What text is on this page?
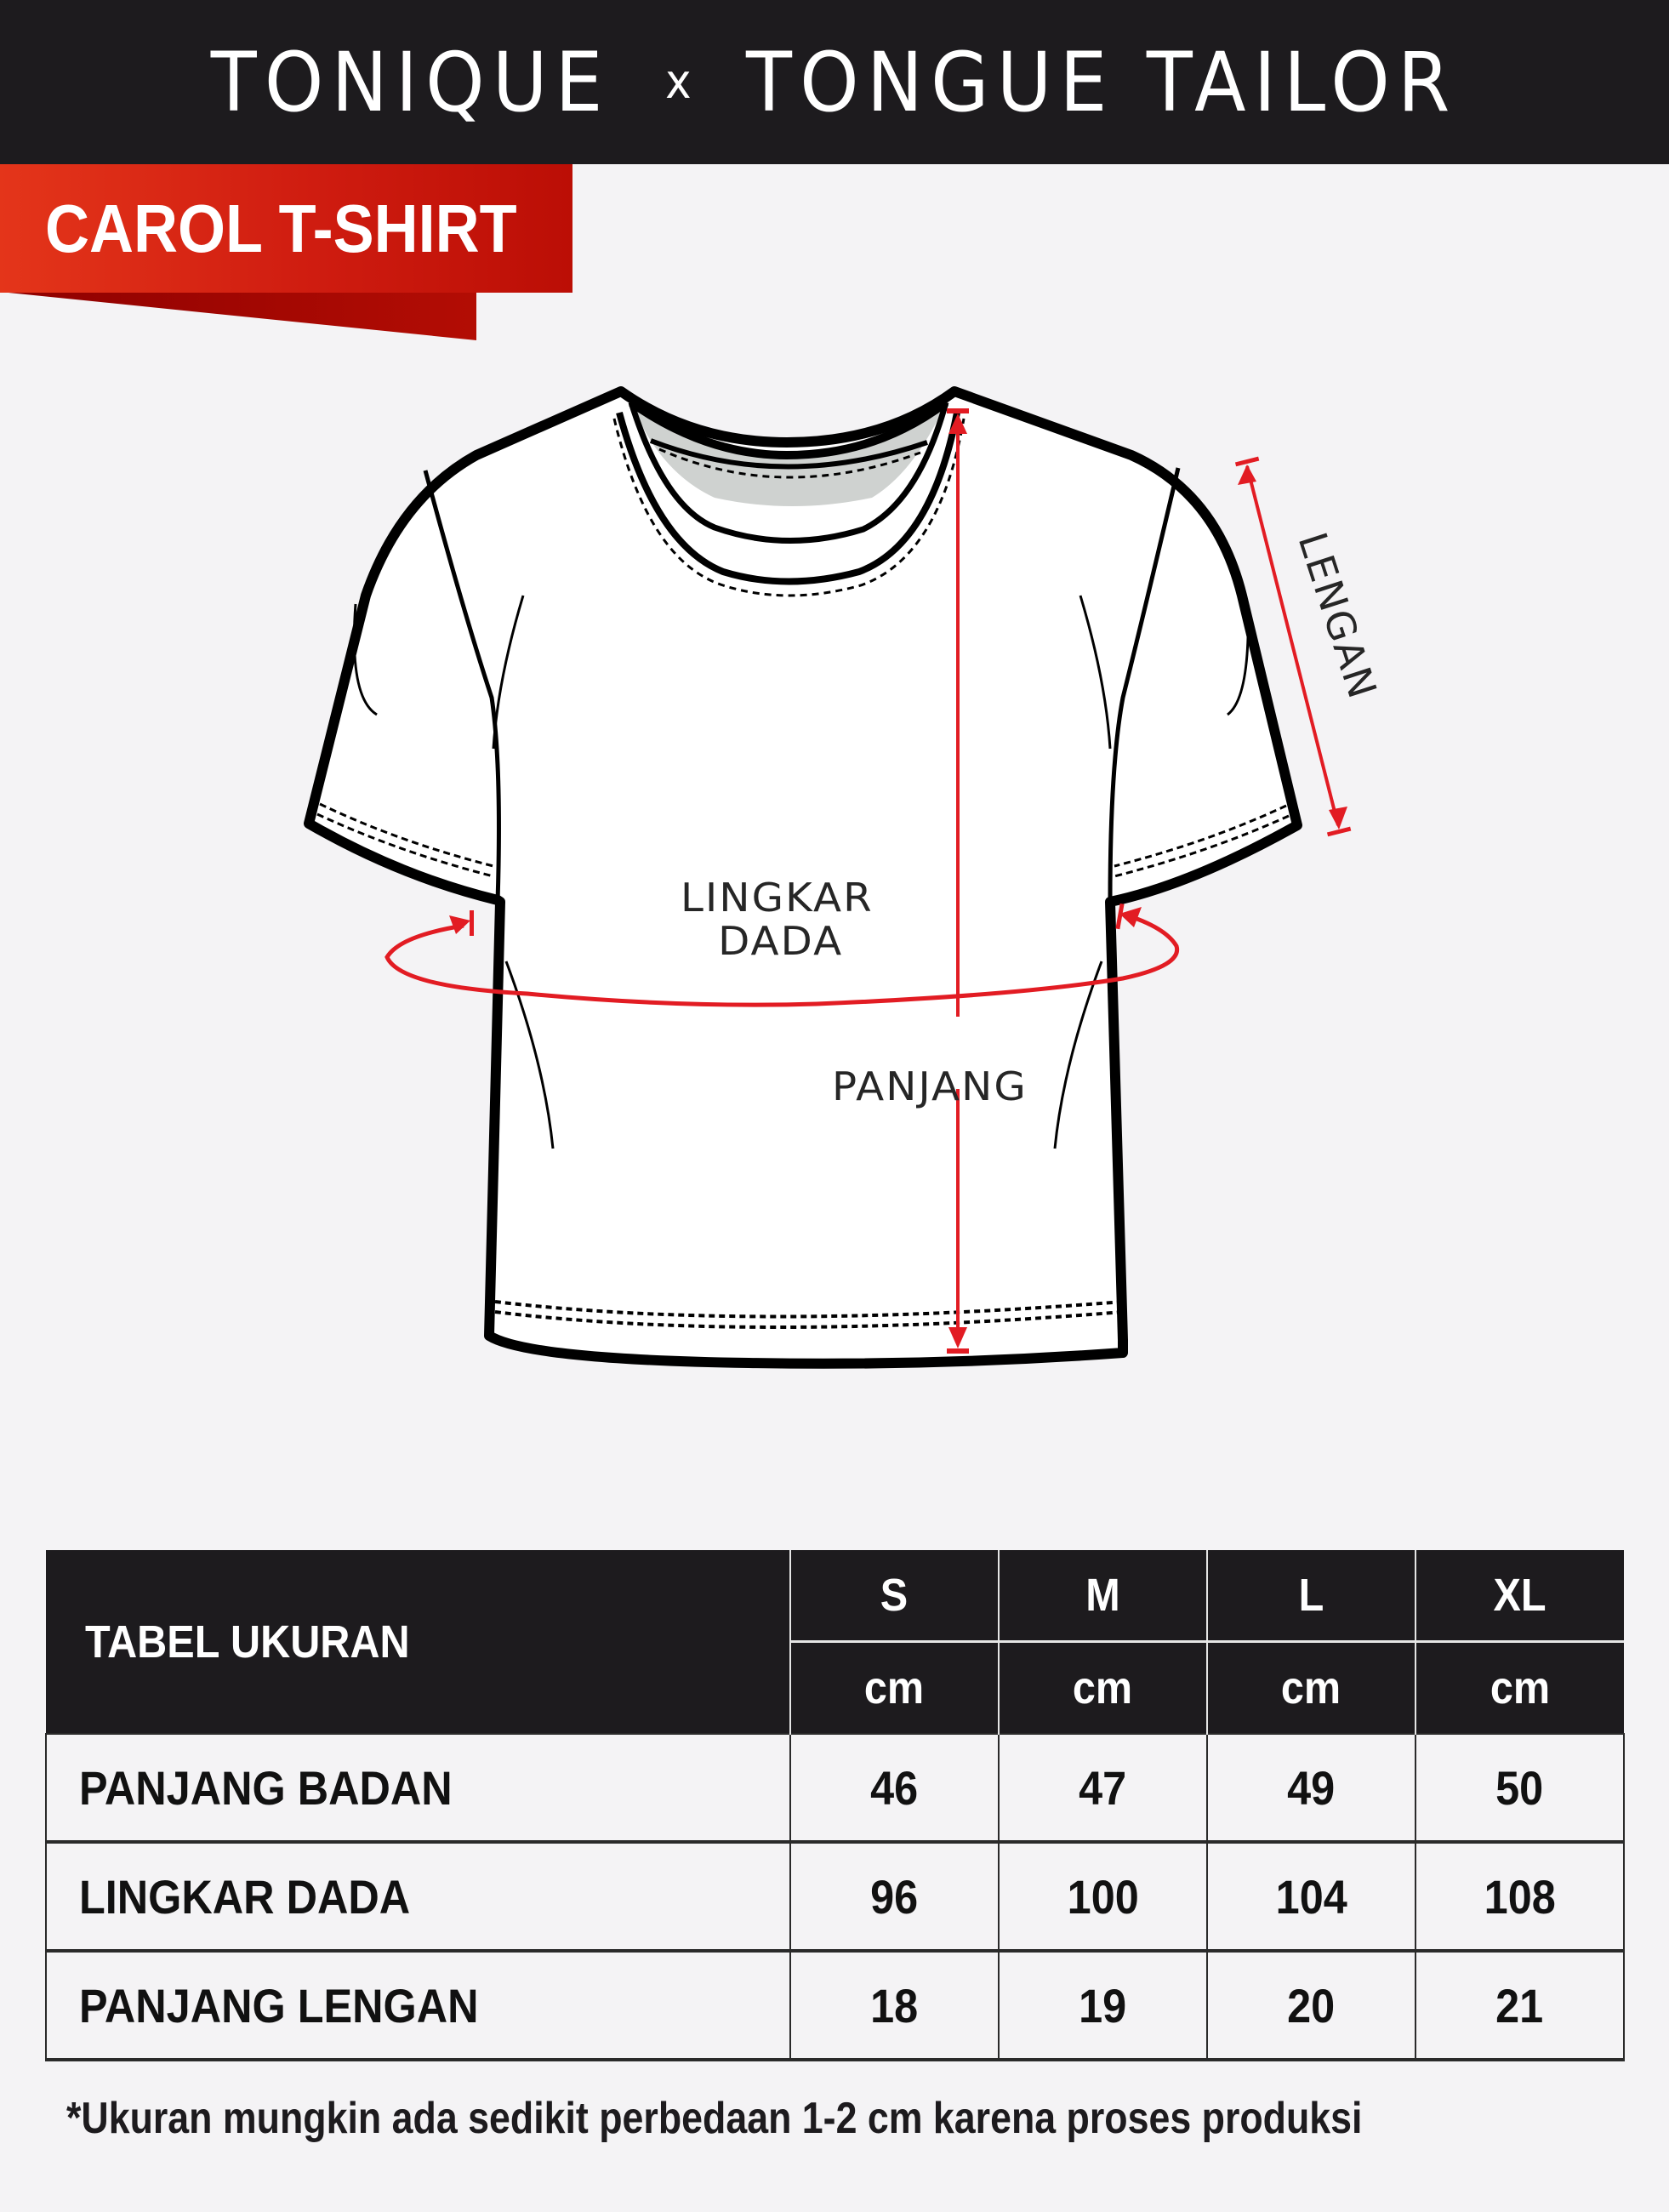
TONIQUE x TONGUE TAILOR
CAROL T-SHIRT
LINGKAR
DADA
PANJANG
LENGAN
TABEL UKURAN	S	M	L	XL
	cm	cm	cm	cm
PANJANG BADAN	46	47	49	50
LINGKAR DADA	96	100	104	108
PANJANG LENGAN	18	19	20	21
*Ukuran mungkin ada sedikit perbedaan 1-2 cm karena proses produksi
